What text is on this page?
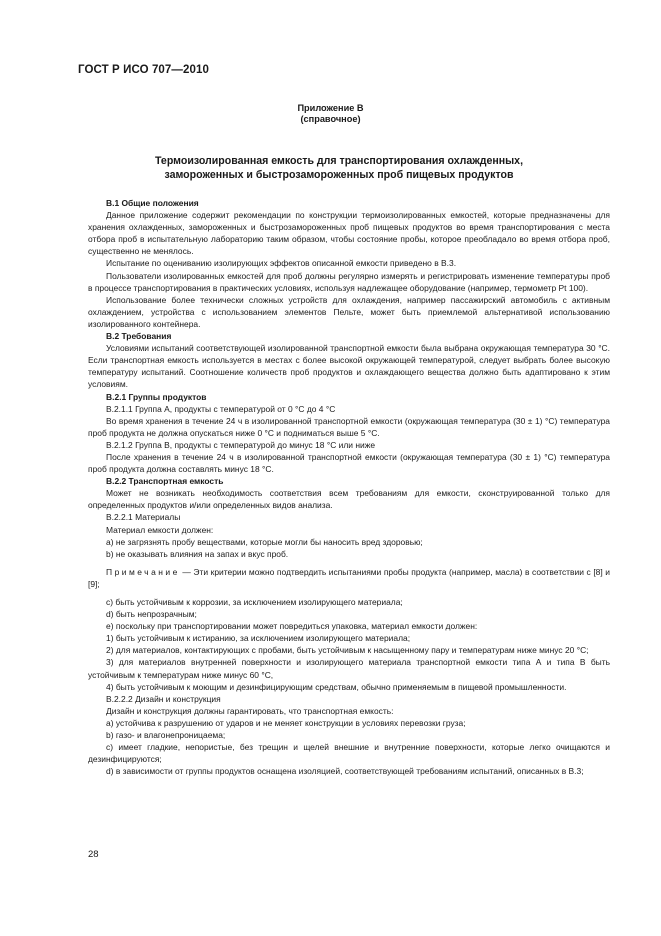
ГОСТ Р ИСО 707—2010
Приложение В
(справочное)
Термоизолированная емкость для транспортирования охлажденных,
замороженных и быстрозамороженных проб пищевых продуктов

В.1 Общие положения

Данное приложение содержит рекомендации по конструкции термоизолированных емкостей, которые предназначены для хранения охлажденных, замороженных и быстрозамороженных проб пищевых продуктов во время транспортирования с места отбора проб в испытательную лабораторию таким образом, чтобы состояние пробы, которое преобладало во время отбора проб, существенно не менялось.

Испытание по оцениванию изолирующих эффектов описанной емкости приведено в В.3.

Пользователи изолированных емкостей для проб должны регулярно измерять и регистрировать изменение температуры проб в процессе транспортирования в практических условиях, используя надлежащее оборудование (например, термометр Pt 100).

Использование более технически сложных устройств для охлаждения, например пассажирский автомобиль с активным охлаждением, устройства с использованием элементов Пельте, может быть приемлемой альтернативой использованию изолированного контейнера.

В.2 Требования

Условиями испытаний соответствующей изолированной транспортной емкости была выбрана окружающая температура 30 °С. Если транспортная емкость используется в местах с более высокой окружающей температурой, следует выбрать более высокую температуру испытаний. Соотношение количеств проб продуктов и охлаждающего вещества должно быть адаптировано к этим условиям.

В.2.1 Группы продуктов

В.2.1.1 Группа А, продукты с температурой от 0 °С до 4 °С

Во время хранения в течение 24 ч в изолированной транспортной емкости (окружающая температура (30 ± 1) °С) температура проб продукта не должна опускаться ниже 0 °С и подниматься выше 5 °С.

В.2.1.2 Группа В, продукты с температурой до минус 18 °С или ниже

После хранения в течение 24 ч в изолированной транспортной емкости (окружающая температура (30 ± 1) °С) температура проб продукта должна составлять минус 18 °С.

В.2.2 Транспортная емкость

Может не возникать необходимость соответствия всем требованиям для емкости, сконструированной только для определенных продуктов и/или определенных видов анализа.

В.2.2.1 Материалы

Материал емкости должен:

а) не загрязнять пробу веществами, которые могли бы наносить вред здоровью;

b) не оказывать влияния на запах и вкус проб.

Примечание — Эти критерии можно подтвердить испытаниями пробы продукта (например, масла) в соответствии с [8] и [9];

c) быть устойчивым к коррозии, за исключением изолирующего материала;

d) быть непрозрачным;

e) поскольку при транспортировании может повредиться упаковка, материал емкости должен:

1) быть устойчивым к истиранию, за исключением изолирующего материала;

2) для материалов, контактирующих с пробами, быть устойчивым к насыщенному пару и температурам ниже минус 20 °С;

3) для материалов внутренней поверхности и изолирующего материала транспортной емкости типа А и типа В быть устойчивым к температурам ниже минус 60 °С,

4) быть устойчивым к моющим и дезинфицирующим средствам, обычно применяемым в пищевой промышленности.

В.2.2.2 Дизайн и конструкция

Дизайн и конструкция должны гарантировать, что транспортная емкость:

а) устойчива к разрушению от ударов и не меняет конструкции в условиях перевозки груза;

b) газо- и влагонепроницаема;

c) имеет гладкие, непористые, без трещин и щелей внешние и внутренние поверхности, которые легко очищаются и дезинфицируются;

d) в зависимости от группы продуктов оснащена изоляцией, соответствующей требованиям испытаний, описанных в В.3;

28
